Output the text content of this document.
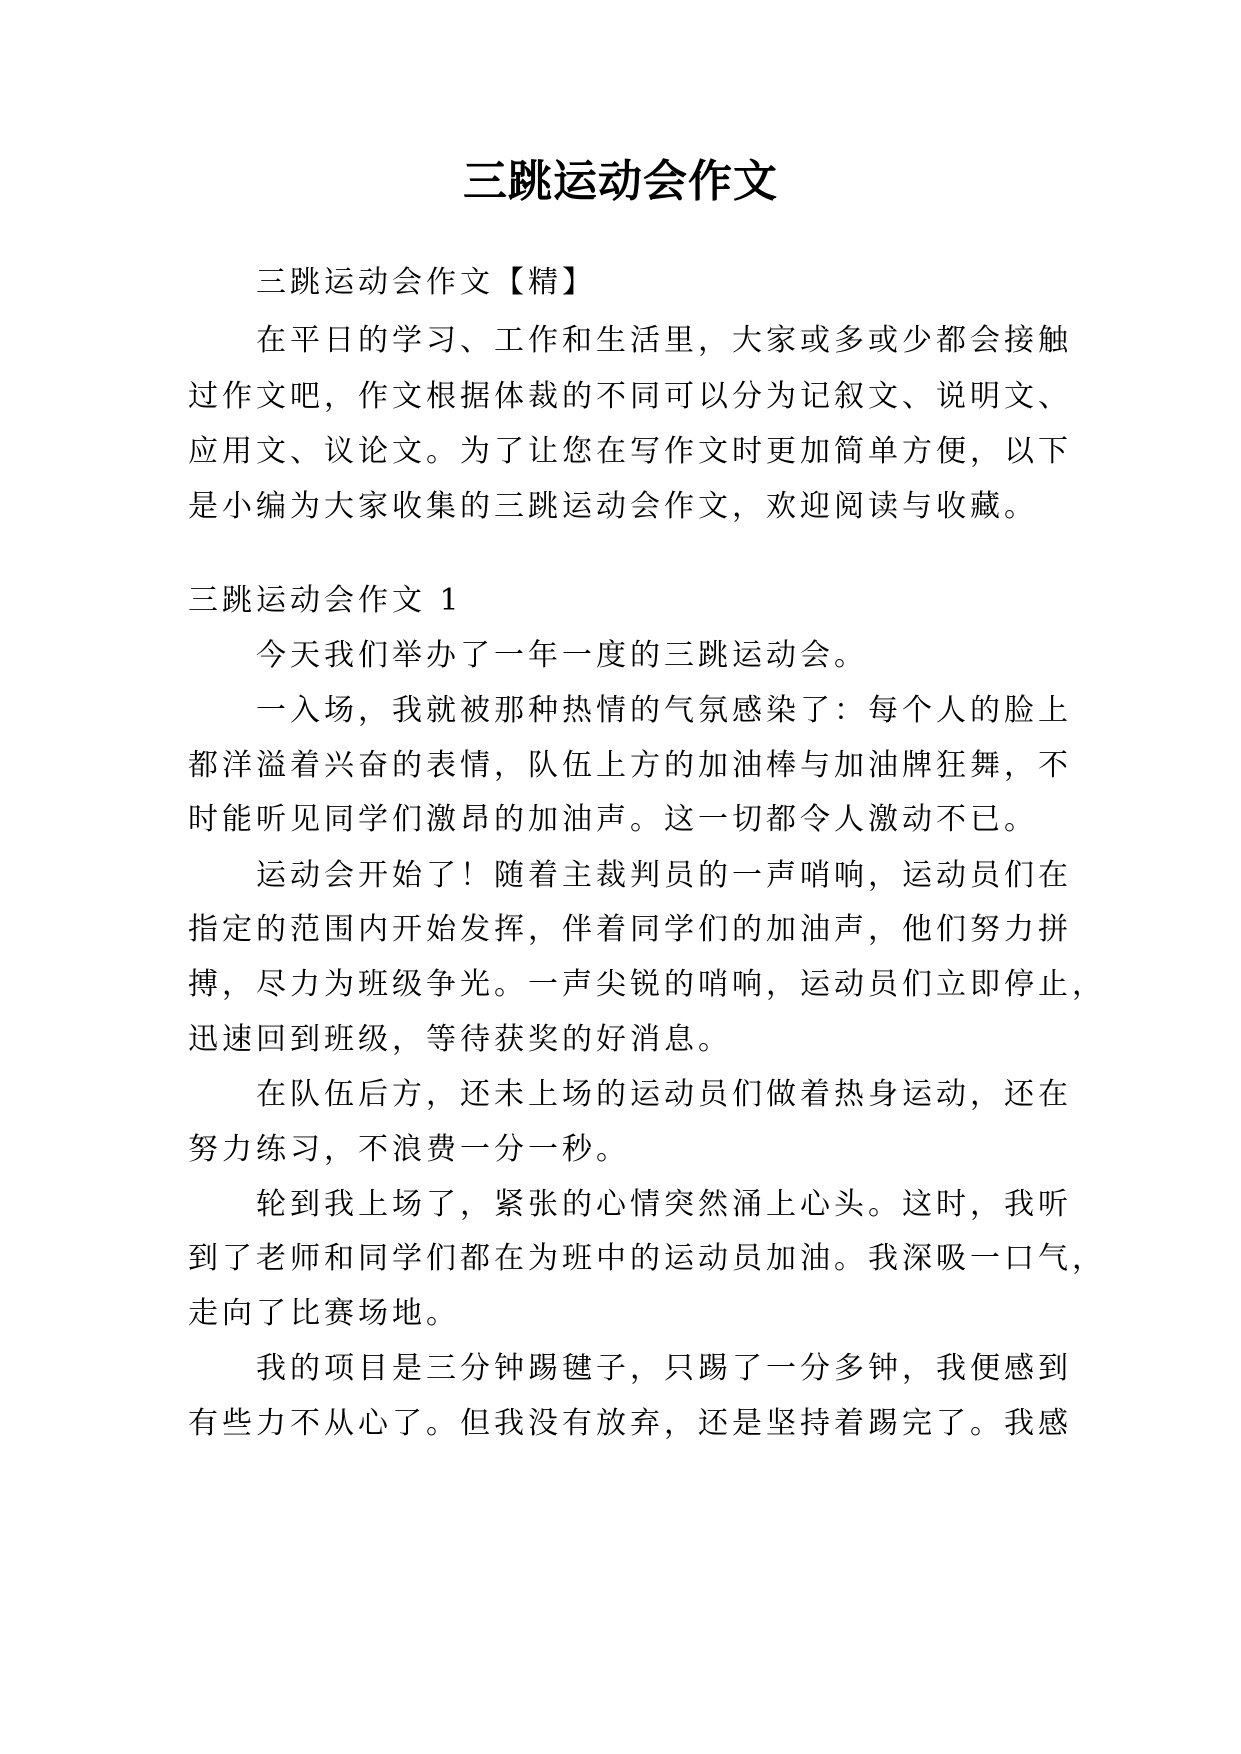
三跳运动会作文
三跳运动会作文【精】
在平日的学习、工作和生活里，大家或多或少都会接触
过作文吧，作文根据体裁的不同可以分为记叙文、说明文、
应用文、议论文。为了让您在写作文时更加简单方便，以下
是小编为大家收集的三跳运动会作文，欢迎阅读与收藏。
三跳运动会作文 1
今天我们举办了一年一度的三跳运动会。
一入场，我就被那种热情的气氛感染了：每个人的脸上
都洋溢着兴奋的表情，队伍上方的加油棒与加油牌狂舞，不
时能听见同学们激昂的加油声。这一切都令人激动不已。
运动会开始了！随着主裁判员的一声哨响，运动员们在
指定的范围内开始发挥，伴着同学们的加油声，他们努力拼
搏，尽力为班级争光。一声尖锐的哨响，运动员们立即停止，
迅速回到班级，等待获奖的好消息。
在队伍后方，还未上场的运动员们做着热身运动，还在
努力练习，不浪费一分一秒。
轮到我上场了，紧张的心情突然涌上心头。这时，我听
到了老师和同学们都在为班中的运动员加油。我深吸一口气，
走向了比赛场地。
我的项目是三分钟踢毽子，只踢了一分多钟，我便感到
有些力不从心了。但我没有放弃，还是坚持着踢完了。我感
